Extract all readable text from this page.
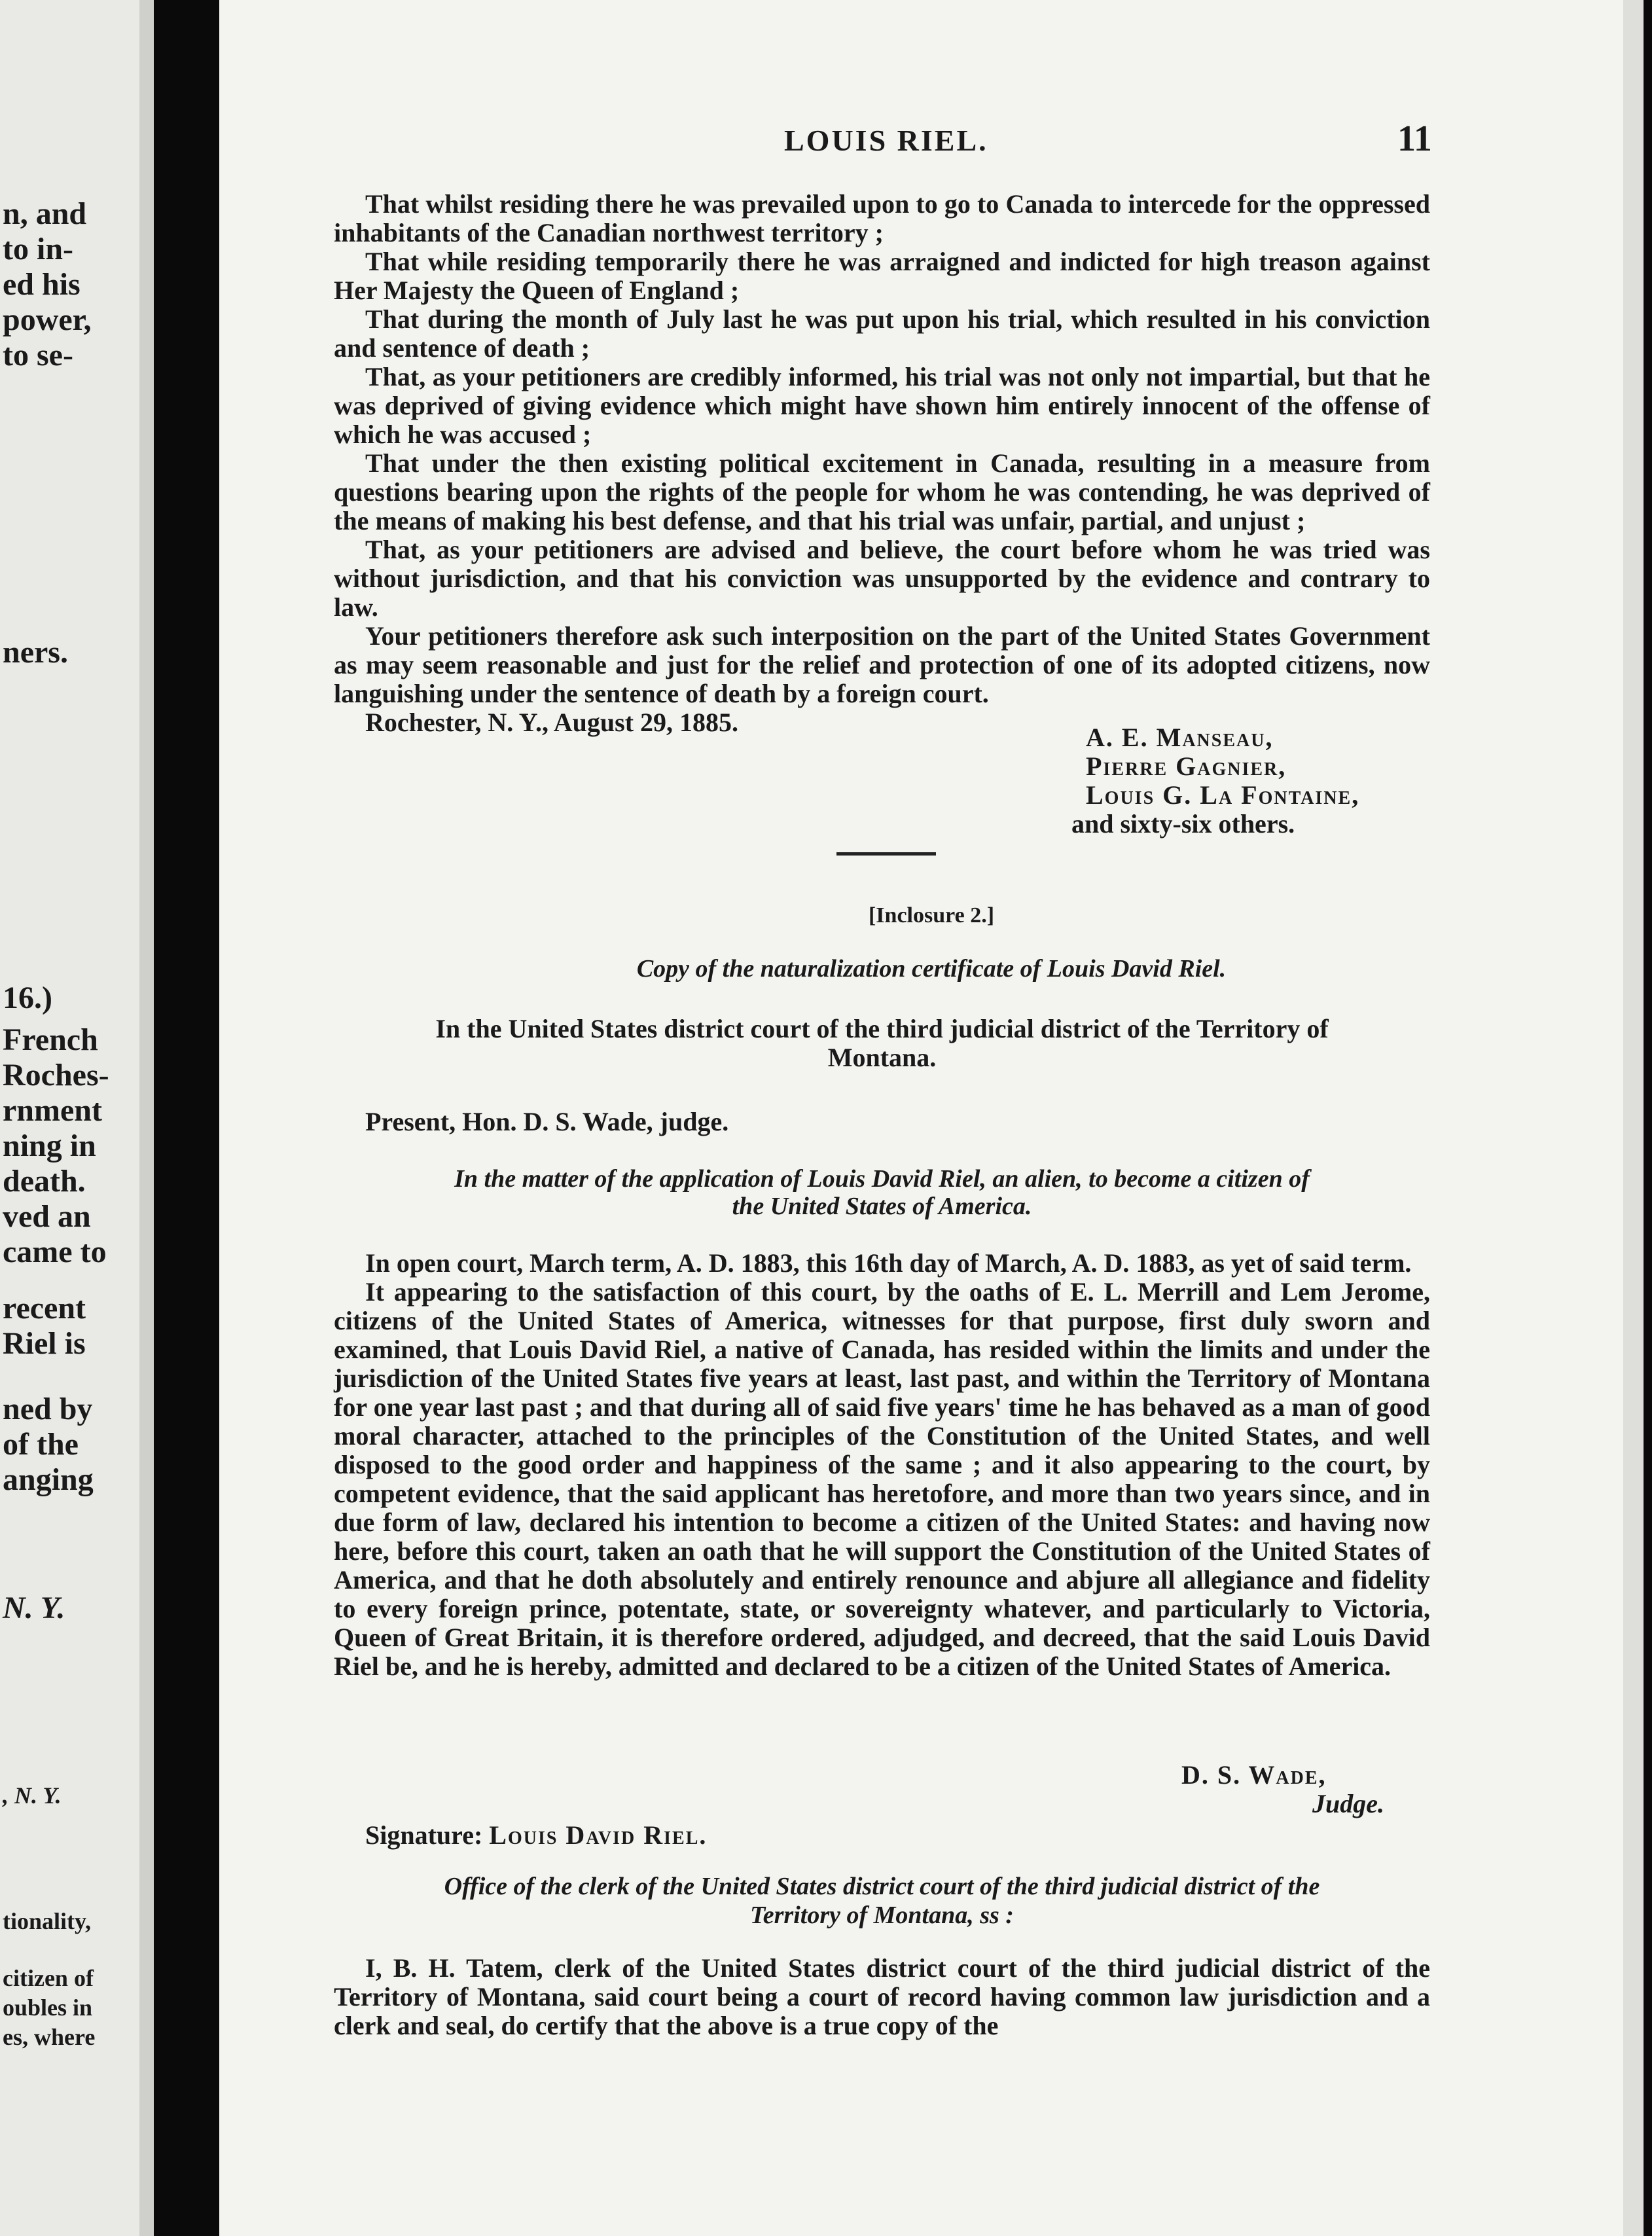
n, and
to in-
ed his
power,
to se-
ners.
16.)
French
Roches-
rnment
ning in
death.
ved an
came to
recent
Riel is
ned by
of the
anging
N. Y.
, N. Y.
tionality,
citizen of
oubles in
es, where
LOUIS RIEL.	11

That whilst residing there he was prevailed upon to go to Canada to intercede for the oppressed inhabitants of the Canadian northwest territory ;

That while residing temporarily there he was arraigned and indicted for high treason against Her Majesty the Queen of England ;

That during the month of July last he was put upon his trial, which resulted in his conviction and sentence of death ;

That, as your petitioners are credibly informed, his trial was not only not impartial, but that he was deprived of giving evidence which might have shown him entirely innocent of the offense of which he was accused ;

That under the then existing political excitement in Canada, resulting in a measure from questions bearing upon the rights of the people for whom he was contending, he was deprived of the means of making his best defense, and that his trial was unfair, partial, and unjust ;

That, as your petitioners are advised and believe, the court before whom he was tried was without jurisdiction, and that his conviction was unsupported by the evidence and contrary to law.

Your petitioners therefore ask such interposition on the part of the United States Government as may seem reasonable and just for the relief and protection of one of its adopted citizens, now languishing under the sentence of death by a foreign court.

Rochester, N. Y., August 29, 1885.

A. E. Manseau,
Pierre Gagnier,
Louis G. La Fontaine,
and sixty-six others.
[Inclosure 2.]
Copy of the naturalization certificate of Louis David Riel.
In the United States district court of the third judicial district of the Territory of
Montana.
Present, Hon. D. S. Wade, judge.
In the matter of the application of Louis David Riel, an alien, to become a citizen of
the United States of America.

In open court, March term, A. D. 1883, this 16th day of March, A. D. 1883, as yet of said term.

It appearing to the satisfaction of this court, by the oaths of E. L. Merrill and Lem Jerome, citizens of the United States of America, witnesses for that purpose, first duly sworn and examined, that Louis David Riel, a native of Canada, has resided within the limits and under the jurisdiction of the United States five years at least, last past, and within the Territory of Montana for one year last past ; and that during all of said five years' time he has behaved as a man of good moral character, attached to the principles of the Constitution of the United States, and well disposed to the good order and happiness of the same ; and it also appearing to the court, by competent evidence, that the said applicant has heretofore, and more than two years since, and in due form of law, declared his intention to become a citizen of the United States: and having now here, before this court, taken an oath that he will support the Constitution of the United States of America, and that he doth absolutely and entirely renounce and abjure all allegiance and fidelity to every foreign prince, potentate, state, or sovereignty whatever, and particularly to Victoria, Queen of Great Britain, it is therefore ordered, adjudged, and decreed, that the said Louis David Riel be, and he is hereby, admitted and declared to be a citizen of the United States of America.

D. S. Wade,
Judge.
Signature: Louis David Riel.
Office of the clerk of the United States district court of the third judicial district of the
Territory of Montana, ss :

I, B. H. Tatem, clerk of the United States district court of the third judicial district of the Territory of Montana, said court being a court of record having common law jurisdiction and a clerk and seal, do certify that the above is a true copy of the
